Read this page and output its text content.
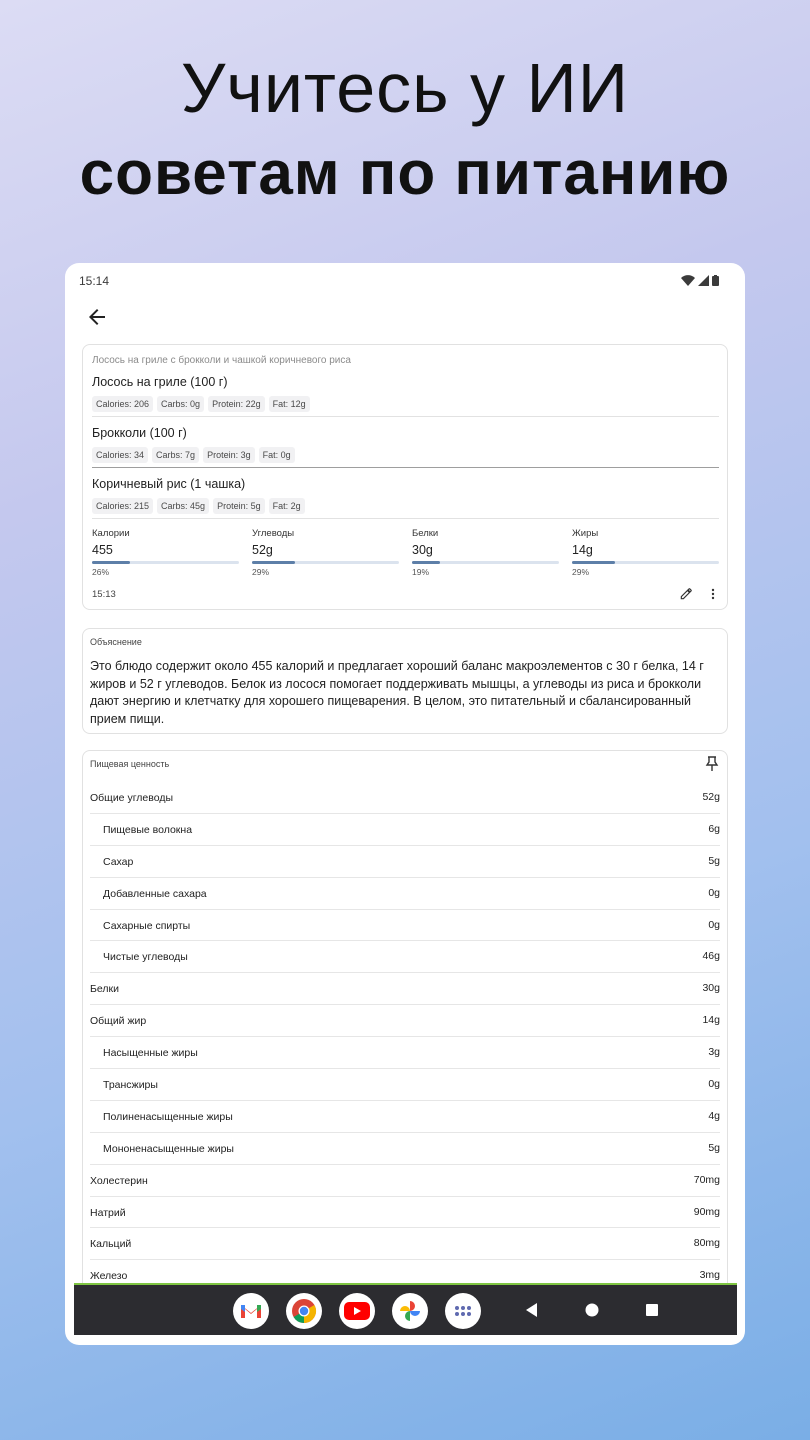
Учитесь у ИИ
советам по питанию
15:14
Лосось на гриле с брокколи и чашкой коричневого риса
Лосось на гриле (100 г)
Calories: 206	Carbs: 0g	Protein: 22g	Fat: 12g
Брокколи (100 г)
Calories: 34	Carbs: 7g	Protein: 3g	Fat: 0g
Коричневый рис (1 чашка)
Calories: 215	Carbs: 45g	Protein: 5g	Fat: 2g
Калории
455
26%
Углеводы
52g
29%
Белки
30g
19%
Жиры
14g
29%
15:13
Объяснение
Это блюдо содержит около 455 калорий и предлагает хороший баланс макроэлементов с 30 г белка, 14 г жиров и 52 г углеводов. Белок из лосося помогает поддерживать мышцы, а углеводы из риса и брокколи дают энергию и клетчатку для хорошего пищеварения. В целом, это питательный и сбалансированный прием пищи.
Пищевая ценность
Общие углеводы	52g
Пищевые волокна	6g
Сахар	5g
Добавленные сахара	0g
Сахарные спирты	0g
Чистые углеводы	46g
Белки	30g
Общий жир	14g
Насыщенные жиры	3g
Трансжиры	0g
Полиненасыщенные жиры	4g
Мононенасыщенные жиры	5g
Холестерин	70mg
Натрий	90mg
Кальций	80mg
Железо	3mg
